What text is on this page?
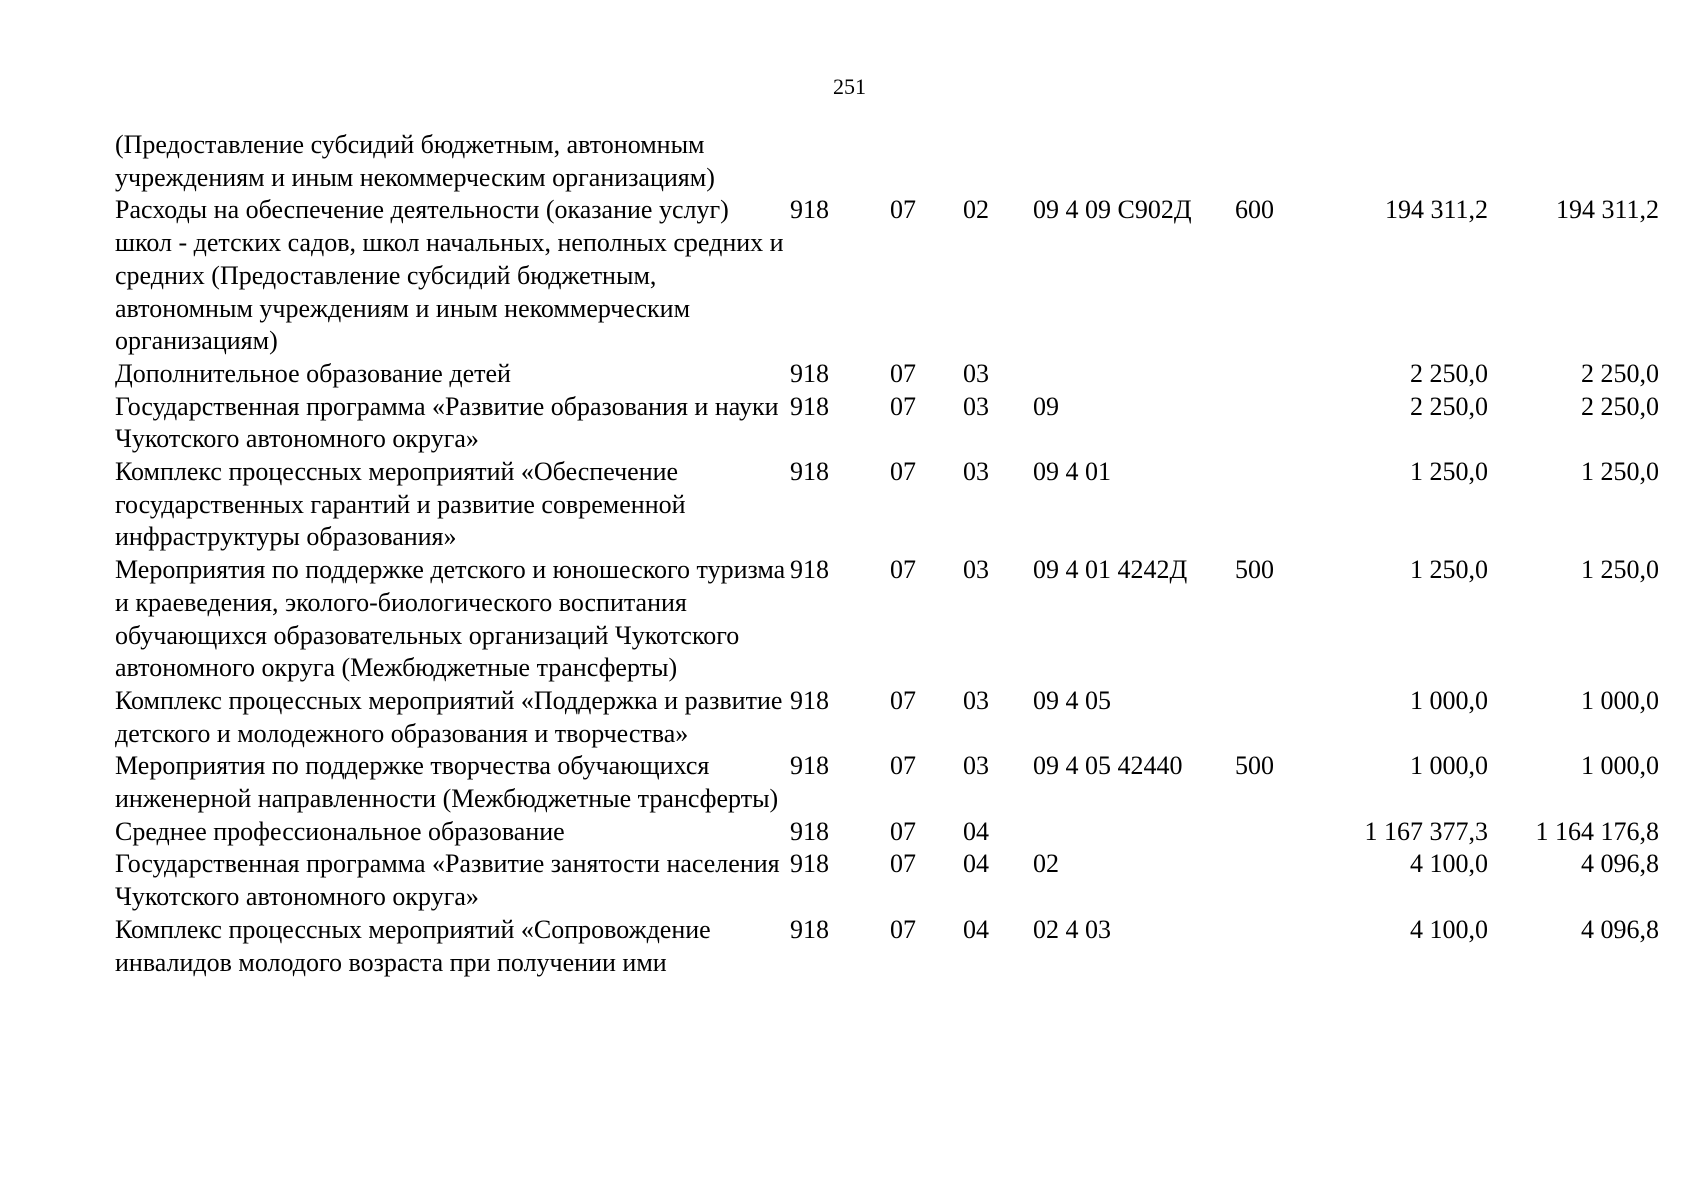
251
(Предоставление субсидий бюджетным, автономным учреждениям и иным некоммерческим организациям)							
Расходы на обеспечение деятельности (оказание услуг) школ - детских садов, школ начальных, неполных средних и средних (Предоставление субсидий бюджетным, автономным учреждениям и иным некоммерческим организациям)	918	07	02	09 4 09 С902Д	600	194 311,2	194 311,2
Дополнительное образование детей	918	07	03			2 250,0	2 250,0
Государственная программа «Развитие образования и науки Чукотского автономного округа»	918	07	03	09		2 250,0	2 250,0
Комплекс процессных мероприятий «Обеспечение государственных гарантий и развитие современной инфраструктуры образования»	918	07	03	09 4 01		1 250,0	1 250,0
Мероприятия по поддержке детского и юношеского туризма и краеведения, эколого-биологического воспитания обучающихся образовательных организаций Чукотского автономного округа (Межбюджетные трансферты)	918	07	03	09 4 01 4242Д	500	1 250,0	1 250,0
Комплекс процессных мероприятий «Поддержка и развитие детского и молодежного образования и творчества»	918	07	03	09 4 05		1 000,0	1 000,0
Мероприятия по поддержке творчества обучающихся инженерной направленности (Межбюджетные трансферты)	918	07	03	09 4 05 42440	500	1 000,0	1 000,0
Среднее профессиональное образование	918	07	04			1 167 377,3	1 164 176,8
Государственная программа «Развитие занятости населения Чукотского автономного округа»	918	07	04	02		4 100,0	4 096,8
Комплекс процессных мероприятий «Сопровождение инвалидов молодого возраста при получении ими	918	07	04	02 4 03		4 100,0	4 096,8
